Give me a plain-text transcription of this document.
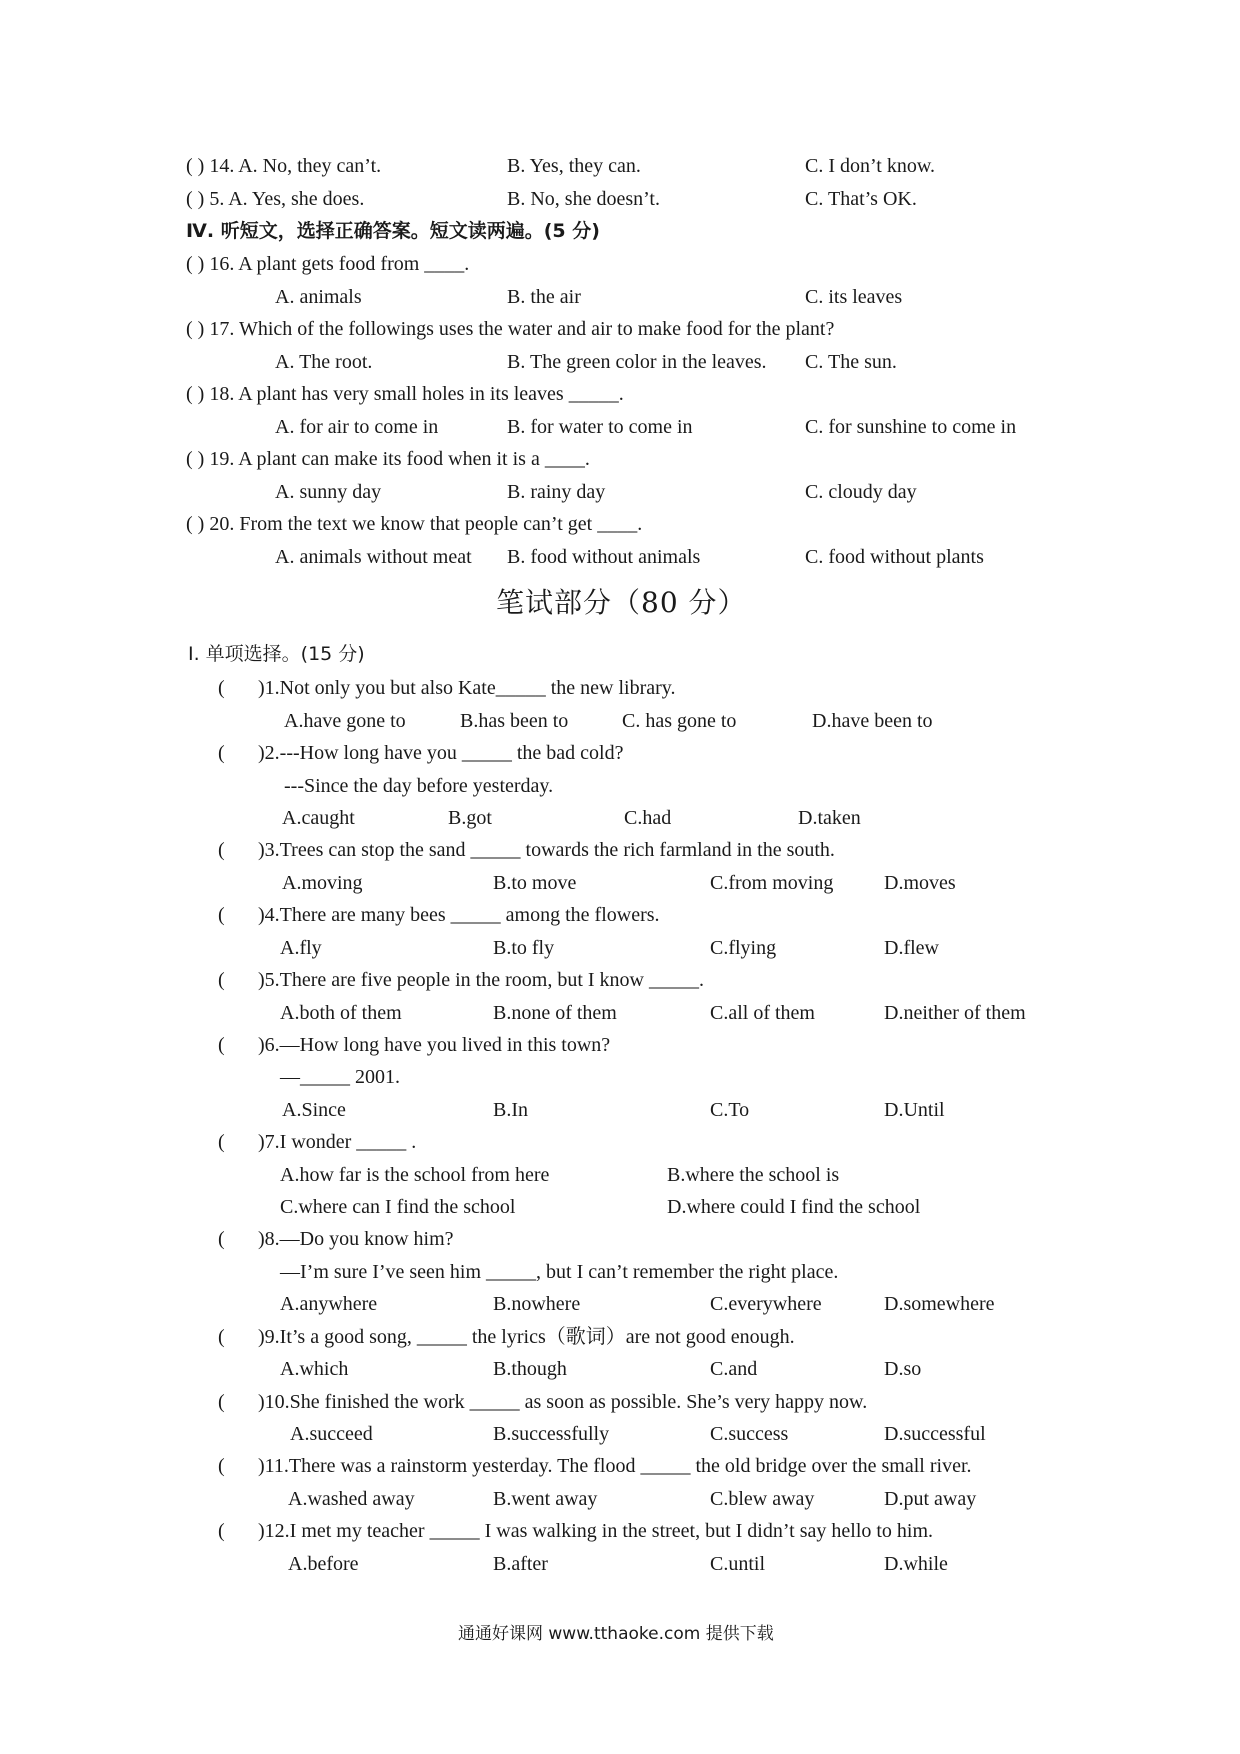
( ) 14. A. No, they can’t.	B. Yes, they can.	C. I don’t know.
( ) 5. A. Yes, she does.	B. No, she doesn’t.	C. That’s OK.
Ⅳ. 听短文，选择正确答案。短文读两遍。(5 分)
( ) 16. A plant gets food from ____.
A. animals	B. the air	C. its leaves
( ) 17. Which of the followings uses the water and air to make food for the plant?
A. The root.	B. The green color in the leaves. C. The sun.
( ) 18. A plant has very small holes in its leaves _____.
A. for air to come in	B. for water to come in	C. for sunshine to come in
( ) 19. A plant can make its food when it is a ____.
A. sunny day	B. rainy day	C. cloudy day
( ) 20. From the text we know that people can’t get ____.
A. animals without meat B. food without animals	C. food without plants
笔试部分（80 分）
Ⅰ. 单项选择。(15 分)
( )1.Not only you but also Kate_____ the new library.
A.have gone to	B.has been to	C. has gone to	D.have been to
( )2.---How long have you _____ the bad cold?
---Since the day before yesterday.
A.caught	B.got	C.had	D.taken
( )3.Trees can stop the sand _____ towards the rich farmland in the south.
A.moving	B.to move	C.from moving	D.moves
( )4.There are many bees _____ among the flowers.
A.fly	B.to fly	C.flying	D.flew
( )5.There are five people in the room, but I know _____.
A.both of them	B.none of them	C.all of them	D.neither of them
( )6.—How long have you lived in this town?
—_____ 2001.
A.Since	B.In	C.To	D.Until
( )7.I wonder _____ .
A.how far is the school from here	B.where the school is
C.where can I find the school	D.where could I find the school
( )8.—Do you know him?
—I’m sure I’ve seen him _____, but I can’t remember the right place.
A.anywhere	B.nowhere	C.everywhere	D.somewhere
( )9.It’s a good song, _____ the lyrics（歌词）are not good enough.
A.which	B.though	C.and	D.so
( )10.She finished the work _____ as soon as possible. She’s very happy now.
A.succeed	B.successfully	C.success	D.successful
( )11.There was a rainstorm yesterday. The flood _____ the old bridge over the small river.
A.washed away	B.went away	C.blew away	D.put away
( )12.I met my teacher _____ I was walking in the street, but I didn’t say hello to him.
A.before	B.after	C.until	D.while
通通好课网 www.tthaoke.com 提供下载
